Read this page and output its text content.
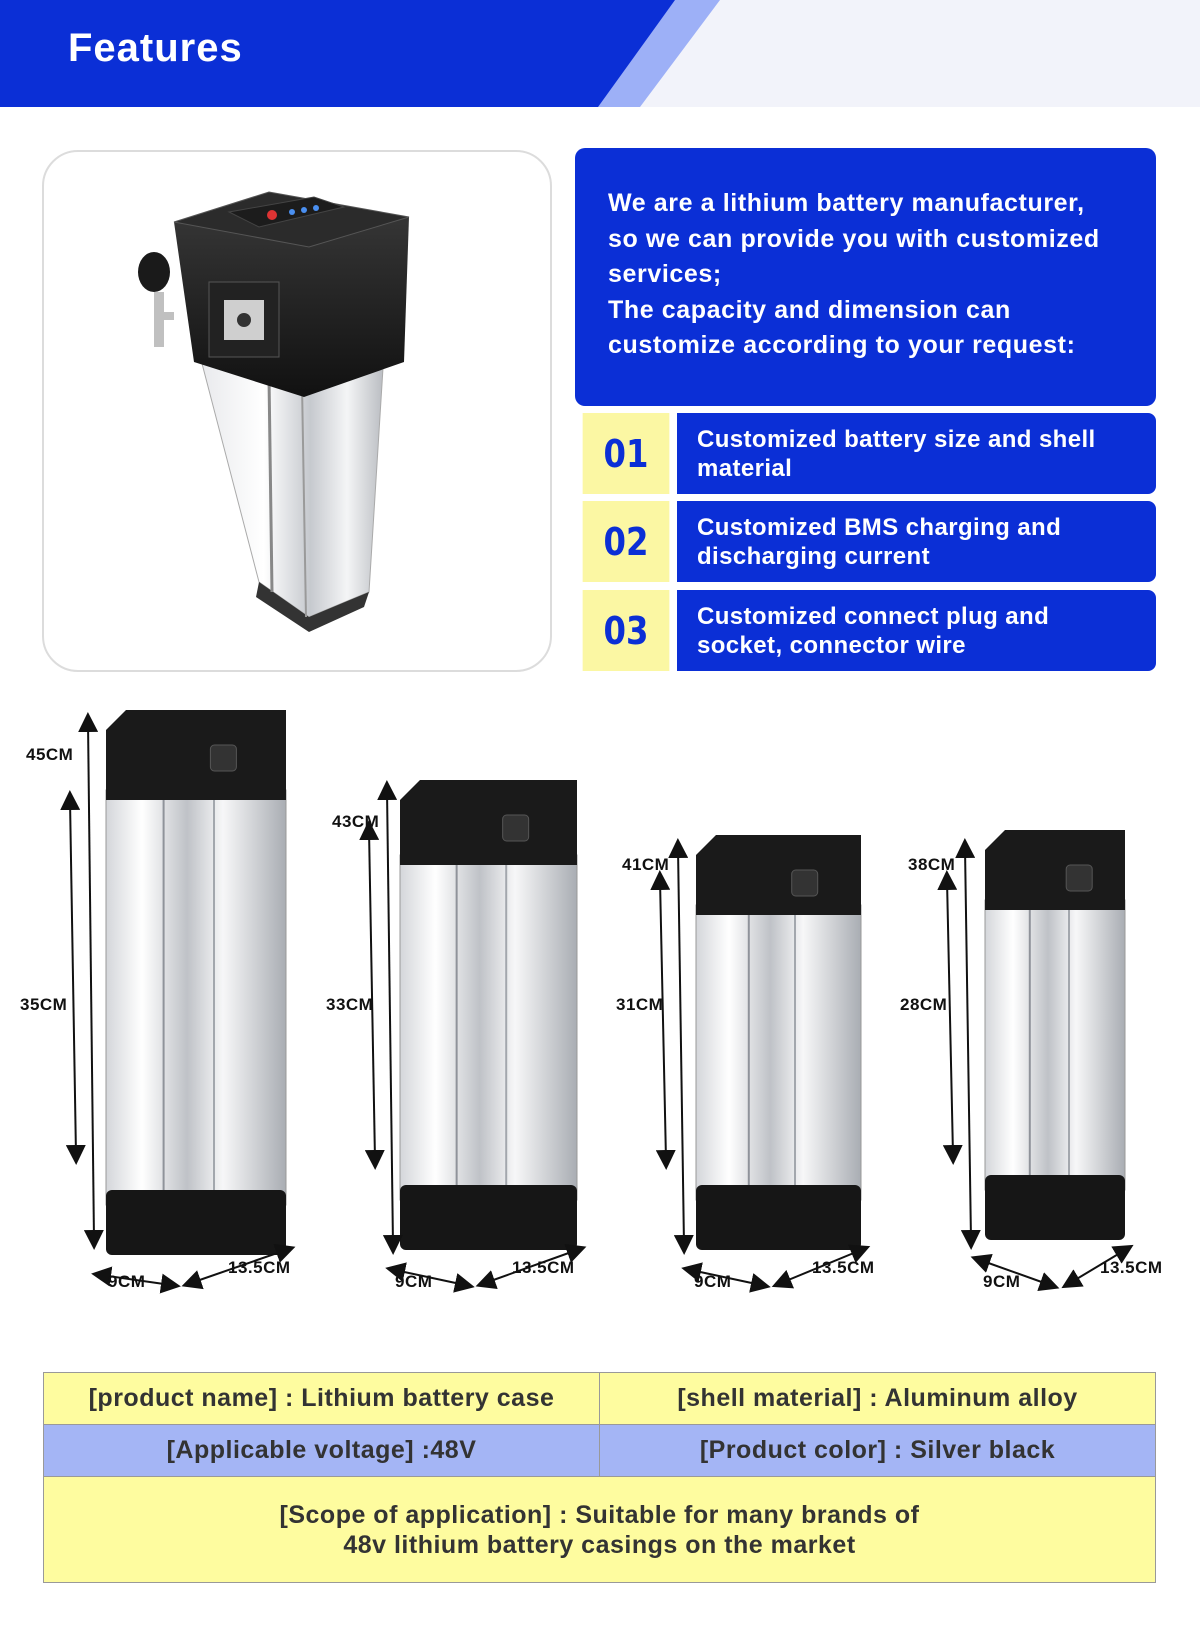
Features
We are a lithium battery manufacturer,
so we can provide you with customized
services;
The capacity and dimension can
customize according to your request:
01	Customized battery size and shell
material
02	Customized BMS charging and
discharging current
03	Customized connect plug and
socket, connector wire
45CM
35CM
9CM
13.5CM
43CM
33CM
9CM
13.5CM
41CM
31CM
9CM
13.5CM
38CM
28CM
9CM
13.5CM
[product name] : Lithium battery case	[shell material] : Aluminum alloy
[Applicable voltage] :48V	[Product color] : Silver black
[Scope of application] : Suitable for many brands of
48v lithium battery casings on the market
